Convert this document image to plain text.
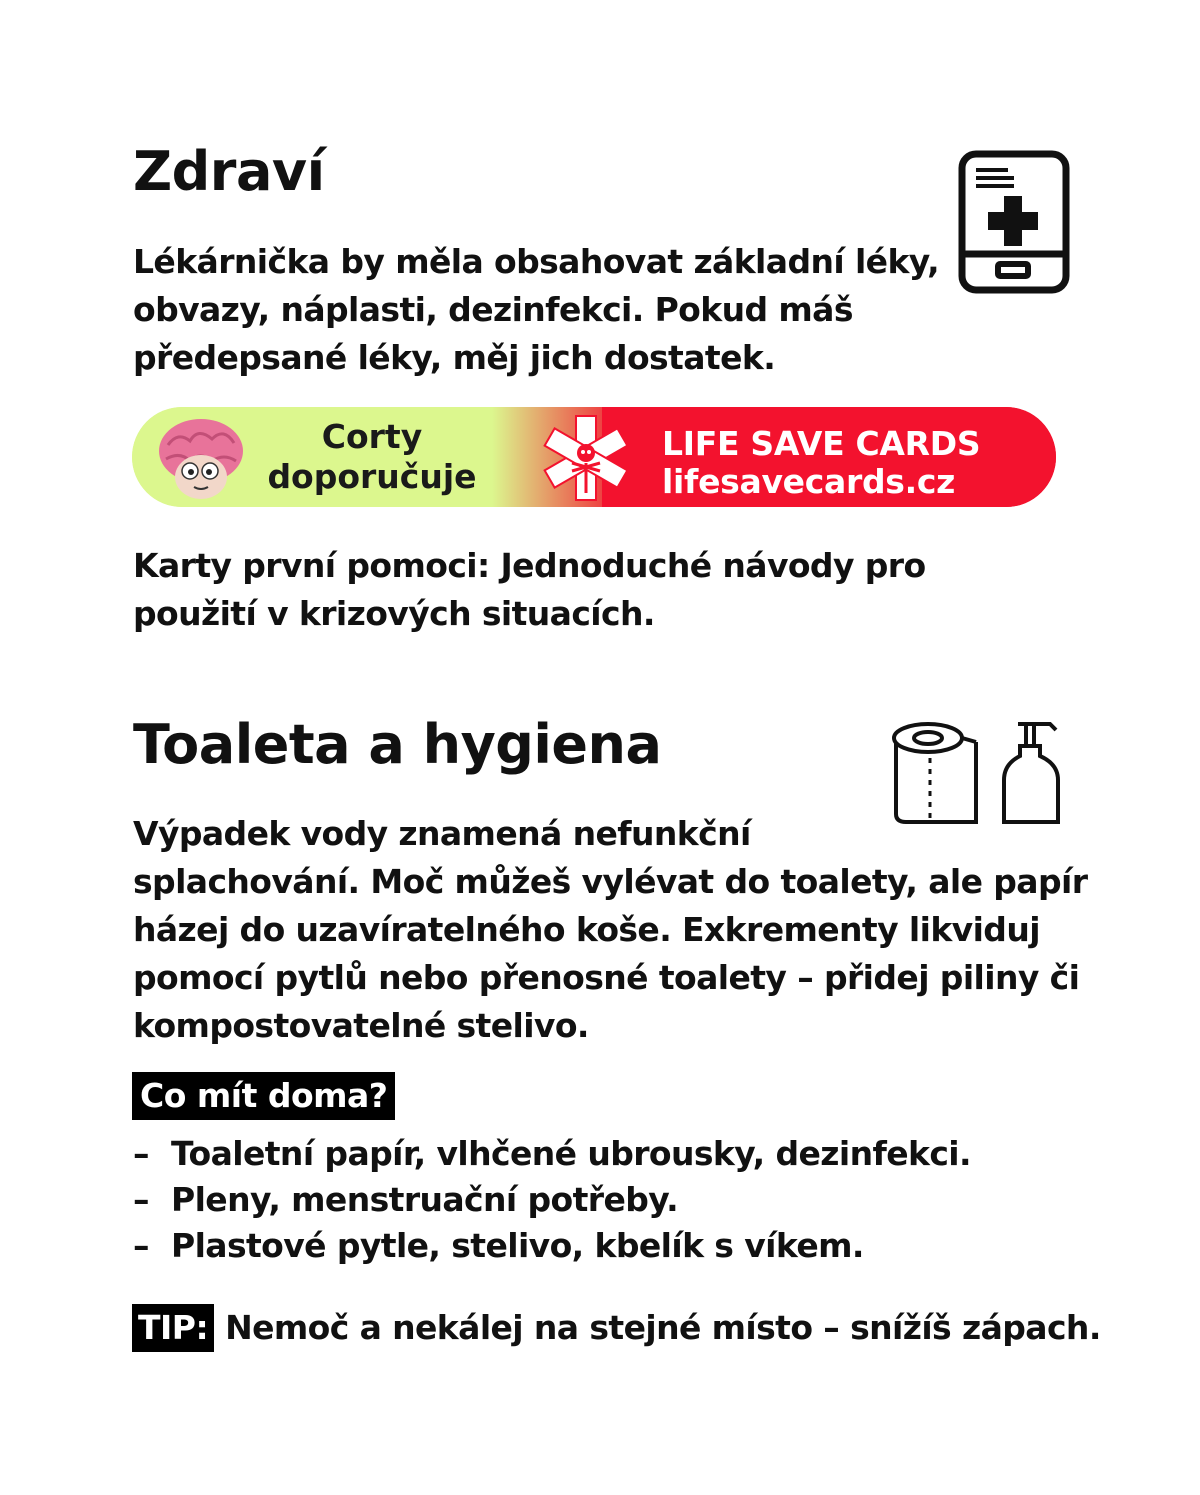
Zdraví

Lékárnička by měla obsahovat základní léky,

obvazy, náplasti, dezinfekci. Pokud máš

předepsané léky, měj jich dostatek.

Corty
doporučuje
LIFE SAVE CARDS
lifesavecards.cz

Karty první pomoci: Jednoduché návody pro

použití v krizových situacích.

Toaleta a hygiena

Výpadek vody znamená nefunkční

splachování. Moč můžeš vylévat do toalety, ale papír

házej do uzavíratelného koše. Exkrementy likviduj

pomocí pytlů nebo přenosné toalety – přidej piliny či

kompostovatelné stelivo.

Co mít doma?
– Toaletní papír, vlhčené ubrousky, dezinfekci.
– Pleny, menstruační potřeby.
– Plastové pytle, stelivo, kbelík s víkem.
TIP: Nemoč a nekálej na stejné místo – snížíš zápach.
